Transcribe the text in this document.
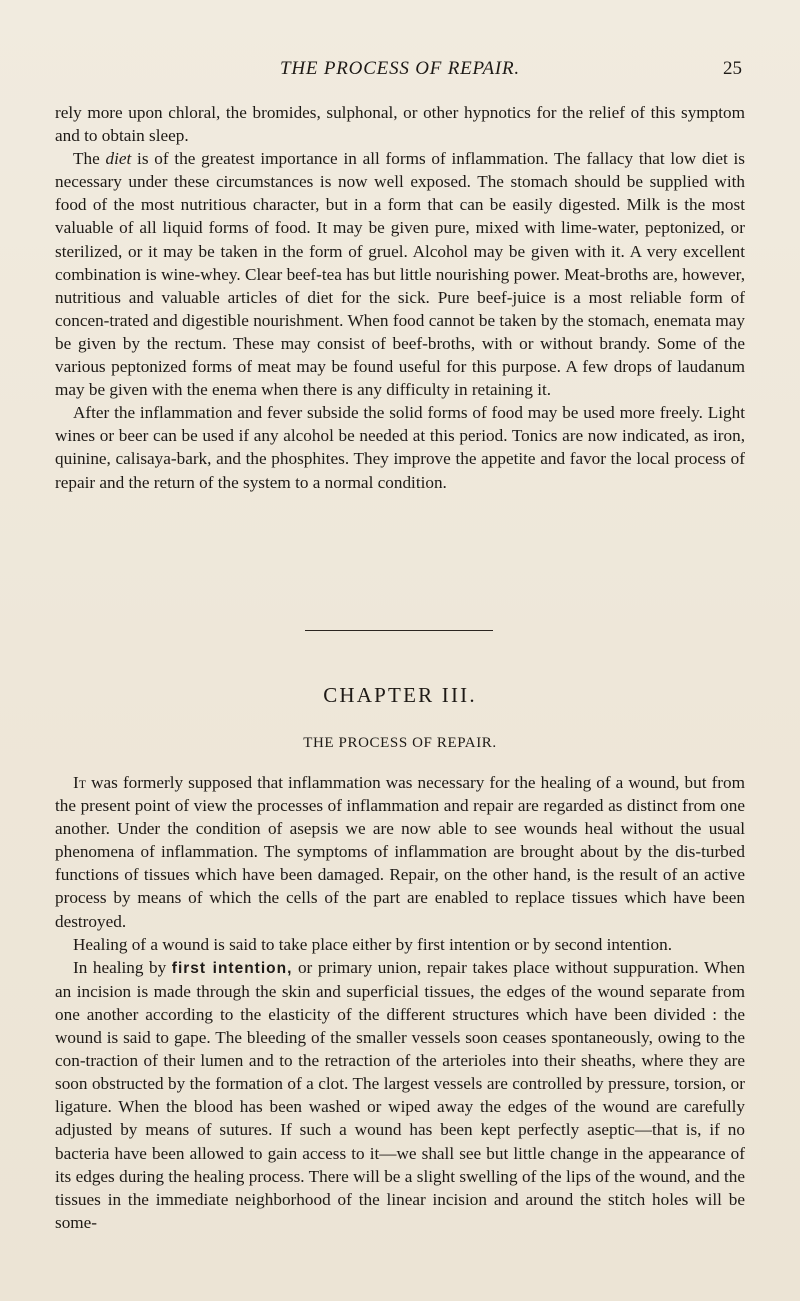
THE PROCESS OF REPAIR.	25

rely more upon chloral, the bromides, sulphonal, or other hypnotics for the relief of this symptom and to obtain sleep.

The diet is of the greatest importance in all forms of inflammation. The fallacy that low diet is necessary under these circumstances is now well exposed. The stomach should be supplied with food of the most nutritious character, but in a form that can be easily digested. Milk is the most valuable of all liquid forms of food. It may be given pure, mixed with lime-water, peptonized, or sterilized, or it may be taken in the form of gruel. Alcohol may be given with it. A very excellent combination is wine-whey. Clear beef-tea has but little nourishing power. Meat-broths are, however, nutritious and valuable articles of diet for the sick. Pure beef-juice is a most reliable form of concen-trated and digestible nourishment. When food cannot be taken by the stomach, enemata may be given by the rectum. These may consist of beef-broths, with or without brandy. Some of the various peptonized forms of meat may be found useful for this purpose. A few drops of laudanum may be given with the enema when there is any difficulty in retaining it.

After the inflammation and fever subside the solid forms of food may be used more freely. Light wines or beer can be used if any alcohol be needed at this period. Tonics are now indicated, as iron, quinine, calisaya-bark, and the phosphites. They improve the appetite and favor the local process of repair and the return of the system to a normal condition.

CHAPTER III.
THE PROCESS OF REPAIR.

It was formerly supposed that inflammation was necessary for the healing of a wound, but from the present point of view the processes of inflammation and repair are regarded as distinct from one another. Under the condition of asepsis we are now able to see wounds heal without the usual phenomena of inflammation. The symptoms of inflammation are brought about by the dis-turbed functions of tissues which have been damaged. Repair, on the other hand, is the result of an active process by means of which the cells of the part are enabled to replace tissues which have been destroyed.

Healing of a wound is said to take place either by first intention or by second intention.

In healing by first intention, or primary union, repair takes place without suppuration. When an incision is made through the skin and superficial tissues, the edges of the wound separate from one another according to the elasticity of the different structures which have been divided : the wound is said to gape. The bleeding of the smaller vessels soon ceases spontaneously, owing to the con-traction of their lumen and to the retraction of the arterioles into their sheaths, where they are soon obstructed by the formation of a clot. The largest vessels are controlled by pressure, torsion, or ligature. When the blood has been washed or wiped away the edges of the wound are carefully adjusted by means of sutures. If such a wound has been kept perfectly aseptic—that is, if no bacteria have been allowed to gain access to it—we shall see but little change in the appearance of its edges during the healing process. There will be a slight swelling of the lips of the wound, and the tissues in the immediate neighborhood of the linear incision and around the stitch holes will be some-
